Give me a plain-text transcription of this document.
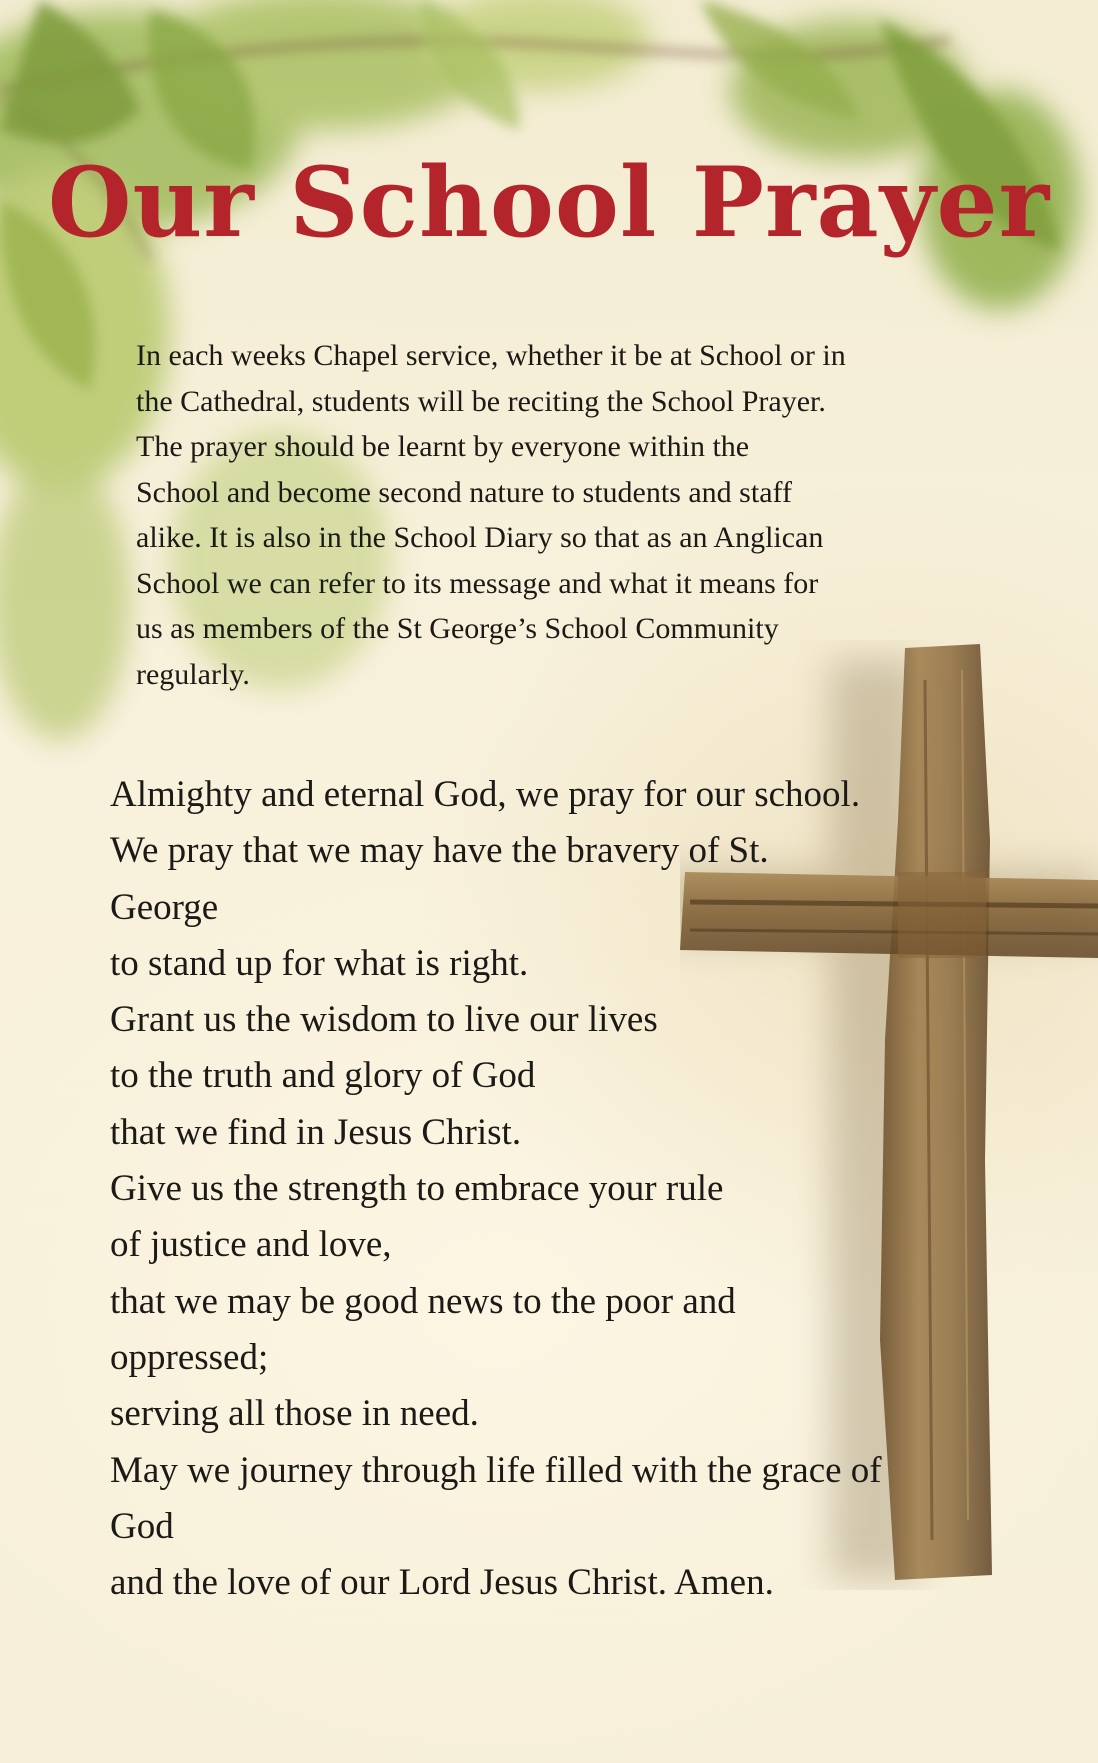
Our School Prayer
In each weeks Chapel service, whether it be at School or in
the Cathedral, students will be reciting the School Prayer.
The prayer should be learnt by everyone within the
School and become second nature to students and staff
alike. It is also in the School Diary so that as an Anglican
School we can refer to its message and what it means for
us as members of the St George’s School Community
regularly.
Almighty and eternal God, we pray for our school.
We pray that we may have the bravery of St.
George
to stand up for what is right.
Grant us the wisdom to live our lives
to the truth and glory of God
that we find in Jesus Christ.
Give us the strength to embrace your rule
of justice and love,
that we may be good news to the poor and
oppressed;
serving all those in need.
May we journey through life filled with the grace of
God
and the love of our Lord Jesus Christ. Amen.
